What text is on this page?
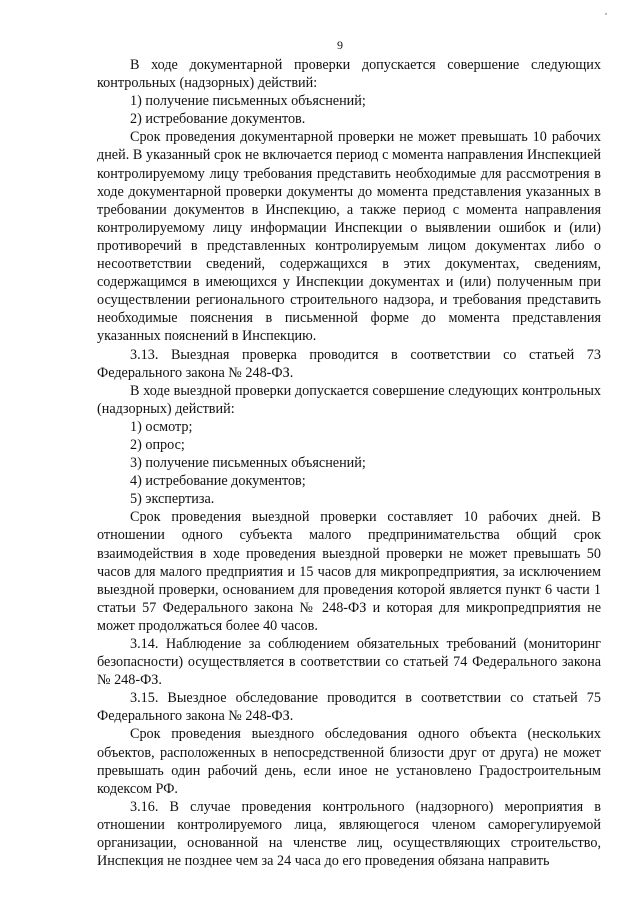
˙
9

В ходе документарной проверки допускается совершение следующих контрольных (надзорных) действий:

1) получение письменных объяснений;

2) истребование документов.

Срок проведения документарной проверки не может превышать 10 рабочих дней. В указанный срок не включается период с момента направления Инспекцией контролируемому лицу требования представить необходимые для рассмотрения в ходе документарной проверки документы до момента представления указанных в требовании документов в Инспекцию, а также период с момента направления контролируемому лицу информации Инспекции о выявлении ошибок и (или) противоречий в представленных контролируемым лицом документах либо о несоответствии сведений, содержащихся в этих документах, сведениям, содержащимся в имеющихся у Инспекции документах и (или) полученным при осуществлении регионального строительного надзора, и требования представить необходимые пояснения в письменной форме до момента представления указанных пояснений в Инспекцию.

3.13. Выездная проверка проводится в соответствии со статьей 73 Федерального закона № 248-ФЗ.

В ходе выездной проверки допускается совершение следующих контрольных (надзорных) действий:

1) осмотр;

2) опрос;

3) получение письменных объяснений;

4) истребование документов;

5) экспертиза.

Срок проведения выездной проверки составляет 10 рабочих дней. В отношении одного субъекта малого предпринимательства общий срок взаимодействия в ходе проведения выездной проверки не может превышать 50 часов для малого предприятия и 15 часов для микропредприятия, за исключением выездной проверки, основанием для проведения которой является пункт 6 части 1 статьи 57 Федерального закона № 248-ФЗ и которая для микропредприятия не может продолжаться более 40 часов.

3.14. Наблюдение за соблюдением обязательных требований (мониторинг безопасности) осуществляется в соответствии со статьей 74 Федерального закона № 248-ФЗ.

3.15. Выездное обследование проводится в соответствии со статьей 75 Федерального закона № 248-ФЗ.

Срок проведения выездного обследования одного объекта (нескольких объектов, расположенных в непосредственной близости друг от друга) не может превышать один рабочий день, если иное не установлено Градостроительным кодексом РФ.

3.16. В случае проведения контрольного (надзорного) мероприятия в отношении контролируемого лица, являющегося членом саморегулируемой организации, основанной на членстве лиц, осуществляющих строительство, Инспекция не позднее чем за 24 часа до его проведения обязана направить
